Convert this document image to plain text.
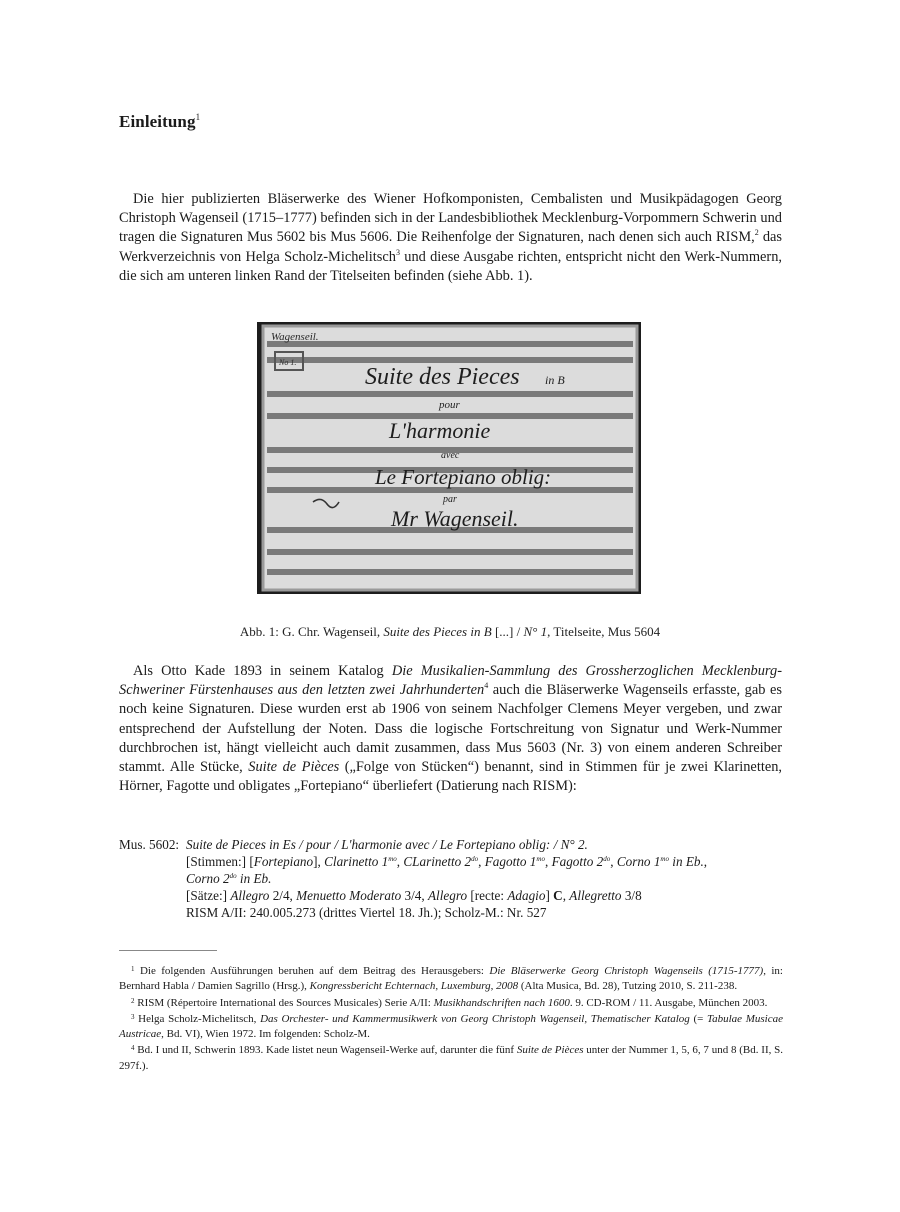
Einleitung$^1$

Die hier publizierten Bläserwerke des Wiener Hofkomponisten, Cembalisten und Musikpädagogen Georg Christoph Wagenseil (1715–1777) befinden sich in der Landesbibliothek Mecklenburg-Vorpommern Schwerin und tragen die Signaturen Mus 5602 bis Mus 5606. Die Reihenfolge der Signaturen, nach denen sich auch RISM,$^2$ das Werkverzeichnis von Helga Scholz-Michelitsch$^3$ und diese Ausgabe richten, entspricht nicht den Werk-Nummern, die sich am unteren linken Rand der Titelseiten befinden (siehe Abb. 1).

Wagenseil.
No 1.
Suite des Pieces in B
pour
L'harmonie
avec
Le Fortepiano oblig:
par
Mr Wagenseil.
Abb. 1: G. Chr. Wagenseil, Suite des Pieces in B [...] / N° 1, Titelseite, Mus 5604

Als Otto Kade 1893 in seinem Katalog Die Musikalien-Sammlung des Grossherzoglichen Mecklenburg-Schweriner Fürstenhauses aus den letzten zwei Jahrhunderten$^4$ auch die Bläserwerke Wagenseils erfasste, gab es noch keine Signaturen. Diese wurden erst ab 1906 von seinem Nachfolger Clemens Meyer vergeben, und zwar entsprechend der Aufstellung der Noten. Dass die logische Fortschreitung von Signatur und Werk-Nummer durchbrochen ist, hängt vielleicht auch damit zusammen, dass Mus 5603 (Nr. 3) von einem anderen Schreiber stammt. Alle Stücke, Suite de Pièces („Folge von Stücken“) benannt, sind in Stimmen für je zwei Klarinetten, Hörner, Fagotte und obligates „Fortepiano“ überliefert (Datierung nach RISM):

Mus. 5602: Suite de Pieces in Es / pour / L'harmonie avec / Le Fortepiano oblig: / N° 2.
[Stimmen:] [Fortepiano], Clarinetto $1^{mo}$, CLarinetto $2^{do}$, Fagotto $1^{mo}$, Fagotto $2^{do}$, Corno $1^{mo}$ in Eb.,
Corno $2^{do}$ in Eb.
[Sätze:] Allegro 2/4, Menuetto Moderato 3/4, Allegro [recte: Adagio] C, Allegretto 3/8
RISM A/II: 240.005.273 (drittes Viertel 18. Jh.); Scholz-M.: Nr. 527

$^1$ Die folgenden Ausführungen beruhen auf dem Beitrag des Herausgebers: Die Bläserwerke Georg Christoph Wagenseils (1715-1777), in: Bernhard Habla / Damien Sagrillo (Hrsg.), Kongressbericht Echternach, Luxemburg, 2008 (Alta Musica, Bd. 28), Tutzing 2010, S. 211-238.

$^2$ RISM (Répertoire International des Sources Musicales) Serie A/II: Musikhandschriften nach 1600. 9. CD-ROM / 11. Ausgabe, München 2003.

$^3$ Helga Scholz-Michelitsch, Das Orchester- und Kammermusikwerk von Georg Christoph Wagenseil, Thematischer Katalog (= Tabulae Musicae Austricae, Bd. VI), Wien 1972. Im folgenden: Scholz-M.

$^4$ Bd. I und II, Schwerin 1893. Kade listet neun Wagenseil-Werke auf, darunter die fünf Suite de Pièces unter der Nummer 1, 5, 6, 7 und 8 (Bd. II, S. 297f.).
